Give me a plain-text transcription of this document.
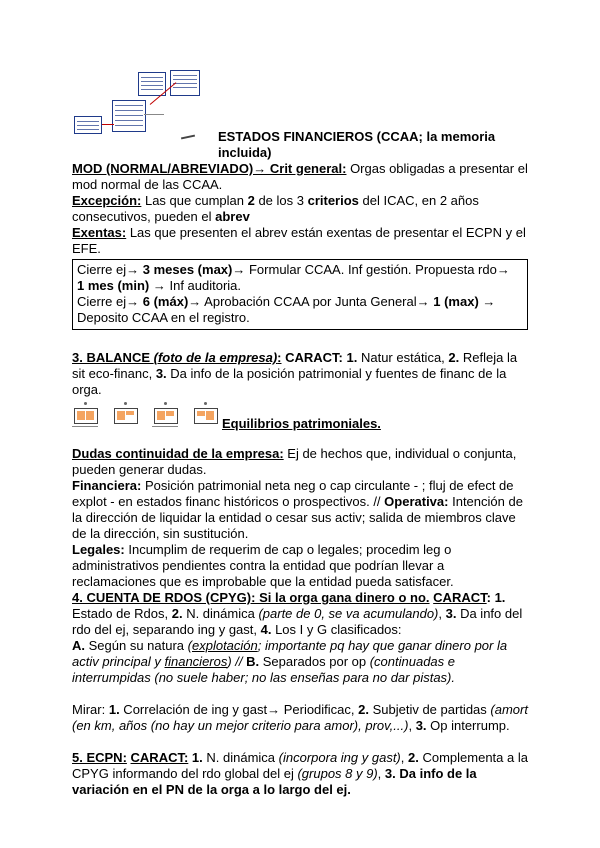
ESTADOS FINANCIEROS (CCAA; la memoria incluida)

MOD (NORMAL/ABREVIADO)→ Crit general: Orgas obligadas a presentar el mod normal de las CCAA.

Excepción: Las que cumplan 2 de los 3 criterios del ICAC, en 2 años consecutivos, pueden el abrev

Exentas: Las que presenten el abrev están exentas de presentar el ECPN y el EFE.

Cierre ej→ 3 meses (max)→ Formular CCAA. Inf gestión. Propuesta rdo→
1 mes (min) → Inf auditoria.
Cierre ej→ 6 (máx)→ Aprobación CCAA por Junta General→ 1 (max) →
Deposito CCAA en el registro.

3. BALANCE (foto de la empresa): CARACT: 1. Natur estática, 2. Refleja la sit eco-financ, 3. Da info de la posición patrimonial y fuentes de financ de la orga.

Equilibrios patrimoniales.

Dudas continuidad de la empresa: Ej de hechos que, individual o conjunta, pueden generar dudas.

Financiera: Posición patrimonial neta neg o cap circulante - ; fluj de efect de explot - en estados financ históricos o prospectivos. // Operativa: Intención de la dirección de liquidar la entidad o cesar sus activ; salida de miembros clave de la dirección, sin sustitución.

Legales: Incumplim de requerim de cap o legales; procedim leg o administrativos pendientes contra la entidad que podrían llevar a reclamaciones que es improbable que la entidad pueda satisfacer.

4. CUENTA DE RDOS (CPYG): Si la orga gana dinero o no. CARACT: 1. Estado de Rdos, 2. N. dinámica (parte de 0, se va acumulando), 3. Da info del rdo del ej, separando ing y gast, 4. Los I y G clasificados:

A. Según su natura (explotación; importante pq hay que ganar dinero por la activ principal y financieros) // B. Separados por op (continuadas e interrumpidas (no suele haber; no las enseñas para no dar pistas).

Mirar: 1. Correlación de ing y gast→ Periodificac, 2. Subjetiv de partidas (amort (en km, años (no hay un mejor criterio para amor), prov,...), 3. Op interrump.

5. ECPN: CARACT: 1. N. dinámica (incorpora ing y gast), 2. Complementa a la CPYG informando del rdo global del ej (grupos 8 y 9), 3. Da info de la variación en el PN de la orga a lo largo del ej.
